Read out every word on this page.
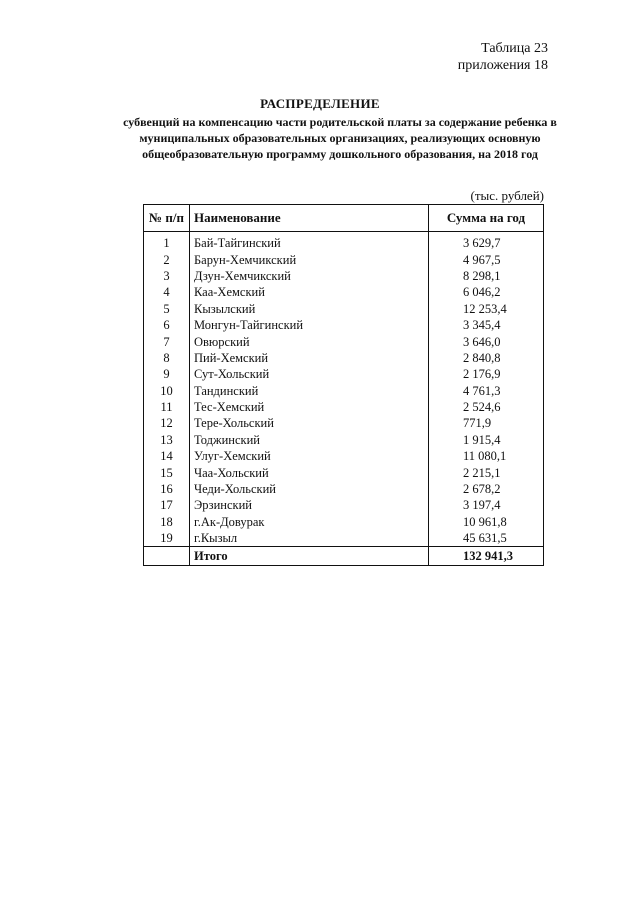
Таблица 23
приложения 18
РАСПРЕДЕЛЕНИЕ
субвенций на компенсацию части родительской платы за содержание ребенка в муниципальных образовательных организациях, реализующих основную общеобразовательную программу дошкольного образования, на 2018 год
(тыс. рублей)
№ п/п	Наименование	Сумма на год
1	Бай-Тайгинский	3 629,7
2	Барун-Хемчикский	4 967,5
3	Дзун-Хемчикский	8 298,1
4	Каа-Хемский	6 046,2
5	Кызылский	12 253,4
6	Монгун-Тайгинский	3 345,4
7	Овюрский	3 646,0
8	Пий-Хемский	2 840,8
9	Сут-Хольский	2 176,9
10	Тандинский	4 761,3
11	Тес-Хемский	2 524,6
12	Тере-Хольский	771,9
13	Тоджинский	1 915,4
14	Улуг-Хемский	11 080,1
15	Чаа-Хольский	2 215,1
16	Чеди-Хольский	2 678,2
17	Эрзинский	3 197,4
18	г.Ак-Довурак	10 961,8
19	г.Кызыл	45 631,5
	Итого	132 941,3
